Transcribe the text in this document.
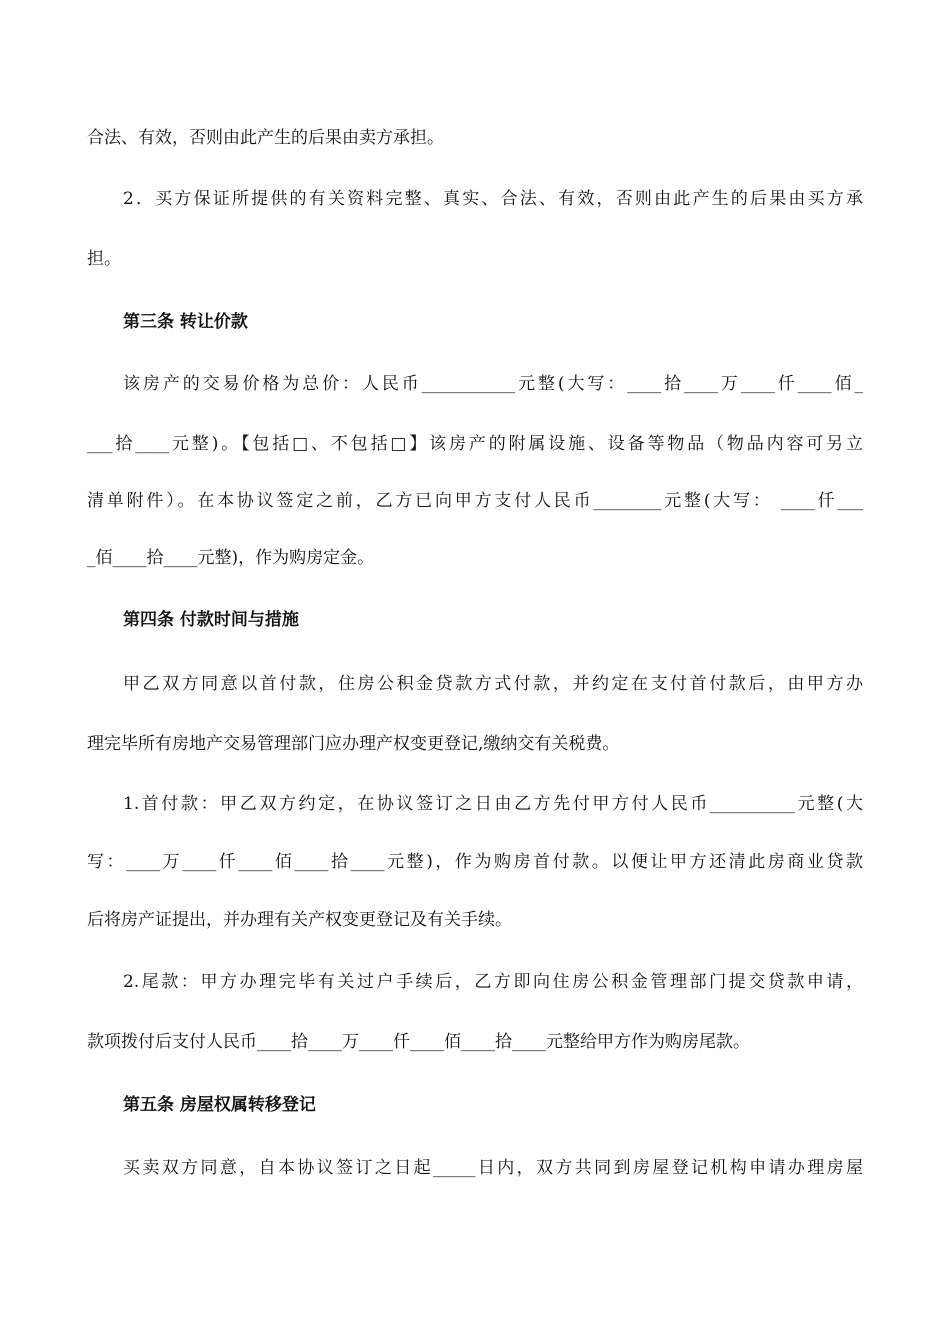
合法、有效，否则由此产生的后果由卖方承担。
2．买方保证所提供的有关资料完整、真实、合法、有效，否则由此产生的后果由买方承
担。
第三条 转让价款
该房产的交易价格为总价：人民币___________元整(大写：____拾____万____仟____佰_
___拾____元整)。【包括□、不包括□】该房产的附属设施、设备等物品（物品内容可另立
清单附件）。在本协议签定之前，乙方已向甲方支付人民币________元整(大写： ____仟___
_佰____拾____元整)，作为购房定金。
第四条 付款时间与措施
甲乙双方同意以首付款，住房公积金贷款方式付款，并约定在支付首付款后，由甲方办
理完毕所有房地产交易管理部门应办理产权变更登记,缴纳交有关税费。
1.首付款：甲乙双方约定，在协议签订之日由乙方先付甲方付人民币__________元整(大
写：____万____仟____佰____拾____元整)，作为购房首付款。以便让甲方还清此房商业贷款
后将房产证提出，并办理有关产权变更登记及有关手续。
2.尾款：甲方办理完毕有关过户手续后，乙方即向住房公积金管理部门提交贷款申请，
款项拨付后支付人民币____拾____万____仟____佰____拾____元整给甲方作为购房尾款。
第五条 房屋权属转移登记
买卖双方同意，自本协议签订之日起_____日内，双方共同到房屋登记机构申请办理房屋
